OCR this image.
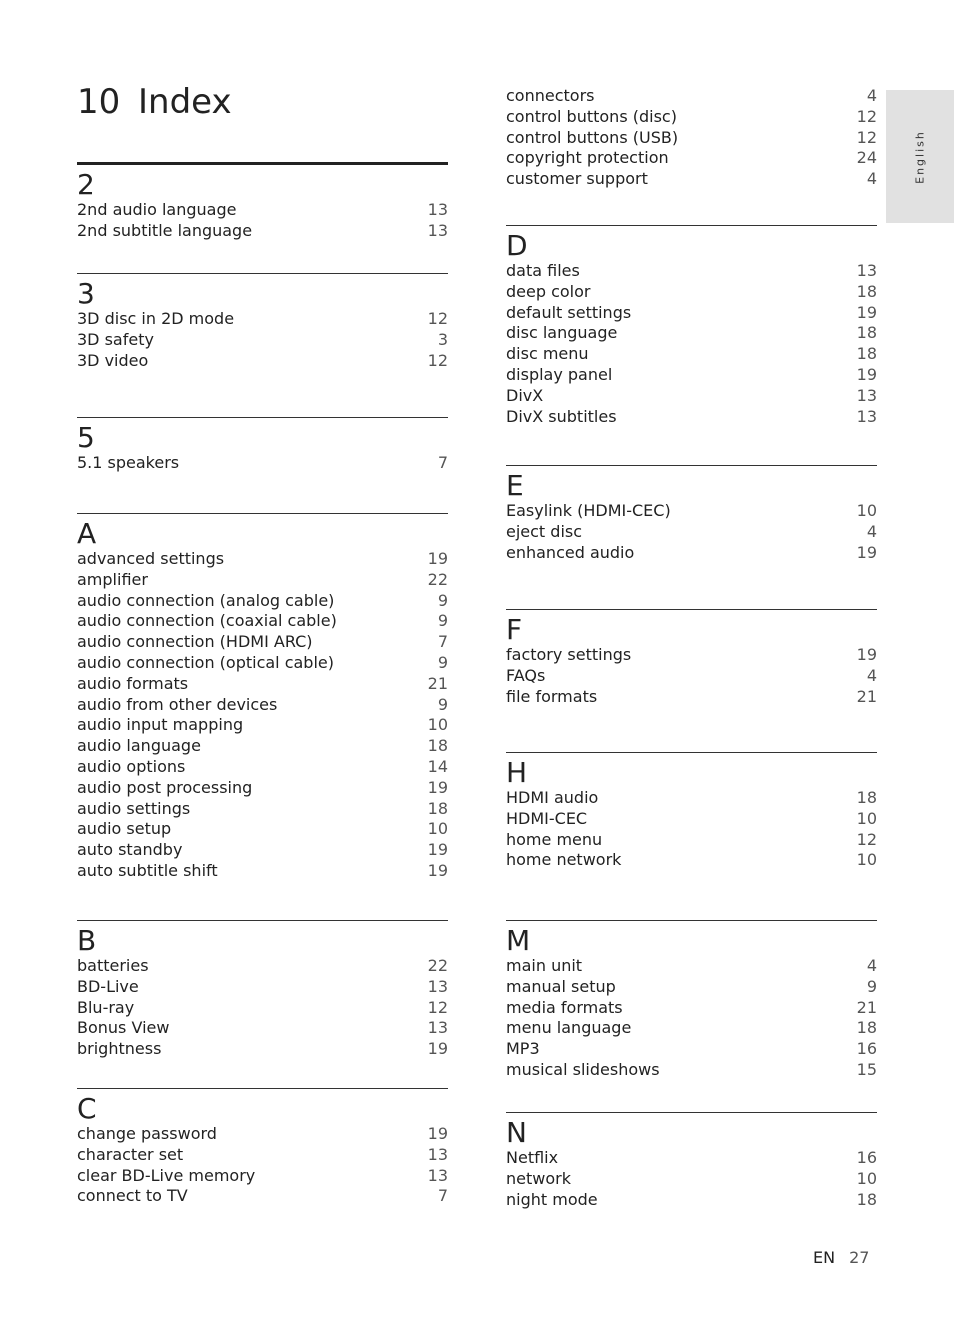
10 Index
2
2nd audio language	13
2nd subtitle language	13
3
3D disc in 2D mode	12
3D safety	3
3D video	12
5
5.1 speakers	7
A
advanced settings	19
amplifier	22
audio connection (analog cable)	9
audio connection (coaxial cable)	9
audio connection (HDMI ARC)	7
audio connection (optical cable)	9
audio formats	21
audio from other devices	9
audio input mapping	10
audio language	18
audio options	14
audio post processing	19
audio settings	18
audio setup	10
auto standby	19
auto subtitle shift	19
B
batteries	22
BD-Live	13
Blu-ray	12
Bonus View	13
brightness	19
C
change password	19
character set	13
clear BD-Live memory	13
connect to TV	7
connectors	4
control buttons (disc)	12
control buttons (USB)	12
copyright protection	24
customer support	4
D
data files	13
deep color	18
default settings	19
disc language	18
disc menu	18
display panel	19
DivX	13
DivX subtitles	13
E
Easylink (HDMI-CEC)	10
eject disc	4
enhanced audio	19
F
factory settings	19
FAQs	4
file formats	21
H
HDMI audio	18
HDMI-CEC	10
home menu	12
home network	10
M
main unit	4
manual setup	9
media formats	21
menu language	18
MP3	16
musical slideshows	15
N
Netflix	16
network	10
night mode	18
English
EN 27
